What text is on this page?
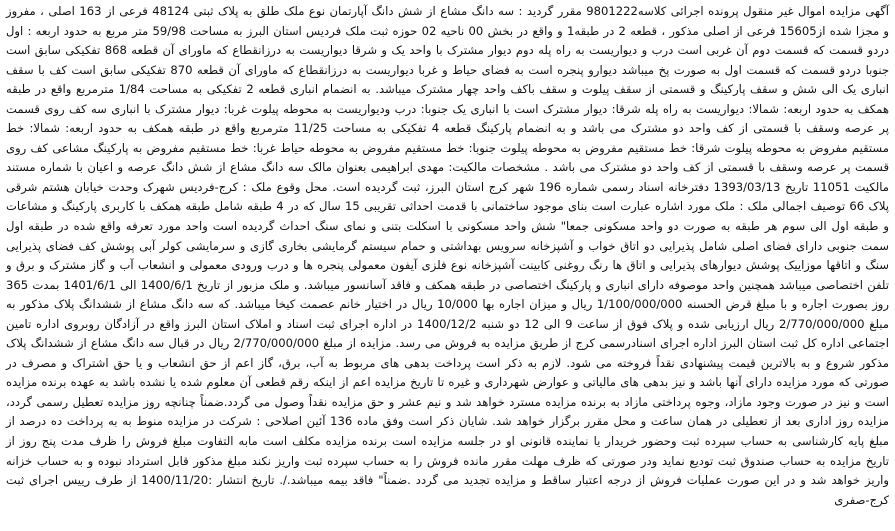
آگهی مزایده اموال غیر منقول پرونده اجرائی کلاسه9801222 مقرر گردید : سه دانگ مشاع از شش دانگ آپارتمان نوع ملک طلق به پلاک ثبتی 48124 فرعی از 163 اصلی ، مفروز و مجزا شده از15605 فرعی از اصلی مذکور ، قطعه 2 در طبقه1 و واقع در بخش 00 ناحیه 02 حوزه ثبت ملک فردیس استان البرز به مساحت 59/98 متر مربع به حدود اربعه : اول دردو قسمت که قسمت دوم آن غربی است درب و دیواریست به راه پله دوم دیوار مشترک با واحد یک و شرقا دیواریست به درزانقطاع که ماورای آن قطعه 868 تفکیکی سابق است جنوبا دردو قسمت که قسمت اول به صورت پخ میباشد دیوارو پنجره است به فضای حیاط و غربا دیواریست به درزانقطاع که ماورای آن قطعه 870 تفکیکی سابق است کف با سقف انباری یک الی شش و سقف پارکینگ و قسمتی از سقف پیلوت و سقف باکف واحد چهار مشترک میباشد. به انضمام انباری قطعه 2 تفکیکی به مساحت 1/84 مترمربع واقع در طبقه همکف به حدود اربعه: شمالا: دیواریست به راه پله شرقا: دیوار مشترک است با انباری یک جنوبا: درب ودیواریست به محوطه پیلوت غربا: دیوار مشترک با انباری سه کف روی قسمت پر عرصه وسقف با قسمتی از کف واحد دو مشترک می باشد و به انضمام پارکینگ قطعه 4 تفکیکی به مساحت 11/25 مترمربع واقع در طبقه همکف به حدود اربعه: شمالا: خط مستقیم مفروض به محوطه پیلوت شرقا: خط مستقیم مفروض به محوطه پیلوت جنوبا: خط مستقیم مفروض به محوطه حیاط غربا: خط مستقیم مفروض به پارکینگ مشاعی کف روی قسمت پر عرصه وسقف با قسمتی از کف واحد دو مشترک می باشد . مشخصات مالکیت: مهدی ابراهیمی بعنوان مالک سه دانگ مشاع از شش دانگ عرصه و اعیان با شماره مستند مالکیت 11051 تاریخ 1393/03/13 دفترخانه اسناد رسمی شماره 196 شهر کرج استان البرز، ثبت گردیده است. محل وقوع ملک : کرج-فردیس شهرک وحدت خیابان هشتم شرقی پلاک 66 توصیف اجمالی ملک : ملک مورد اشاره عبارت است بنای موجود ساختمانی با قدمت احداثی تقریبی 15 سال که در 4 طبقه شامل طبقه همکف با کاربری پارکینگ و مشاعات و طبقه اول الی سوم هر طبقه به صورت دو واحد مسکونی جمعا" شش واحد مسکونی با اسکلت بتنی و نمای سنگ احداث گردیده است واحد مورد تعرفه واقع شده در طبقه اول سمت جنوبی دارای فضای اصلی شامل پذیرایی دو اتاق خواب و آشپزخانه سرویس بهداشتی و حمام سیستم گرمایشی بخاری گازی و سرمایشی کولر آبی پوشش کف فضای پذیرایی سنگ و اتاقها موزاییک پوشش دیوارهای پذیرایی و اتاق ها رنگ روغنی کابینت آشپزخانه نوع فلزی آیفون معمولی پنجره ها و درب ورودی معمولی و انشعاب آب و گاز مشترک و برق و تلفن اختصاصی میباشد همچنین واحد موصوفه دارای انباری و پارکینگ اختصاصی در طبقه همکف و فاقد آسانسور میباشد. و ملک مزبور از تاریخ 1400/6/1 الی 1401/6/1 بمدت 365 روز بصورت اجاره و با مبلغ قرض الحسنه 1/100/000/000 ریال و میزان اجاره بها 10/000 ریال در اختیار خانم عصمت کیخا میباشد. که سه دانگ مشاع از ششدانگ پلاک مذکور به مبلغ 2/770/000/000 ریال ارزیابی شده و پلاک فوق از ساعت 9 الی 12 دو شنبه 1400/12/2 در اداره اجرای ثبت اسناد و املاک استان البرز واقع در آزادگان روبروی اداره تامین اجتماعی اداره کل ثبت استان البرز اداره اجرای اسنادرسمی کرج از طریق مزایده به فروش می رسد. مزایده از مبلغ 2/770/000/000 ریال در قبال سه دانگ مشاع از ششدانگ پلاک مذکور شروع و به بالاترین قیمت پیشنهادی نقداً فروخته می شود. لازم به ذکر است پرداخت بدهی های مربوط به آب، برق، گاز اعم از حق انشعاب و یا حق اشتراک و مصرف در صورتی که مورد مزایده دارای آنها باشد و نیز بدهی های مالیاتی و عوارض شهرداری و غیره تا تاریخ مزایده اعم از اینکه رقم قطعی آن معلوم شده یا نشده باشد به عهده برنده مزایده است و نیز در صورت وجود مازاد، وجوه پرداختی مازاد به برنده مزایده مسترد خواهد شد و نیم عشر و حق مزایده نقداً وصول می گردد.ضمناً چنانچه روز مزایده تعطیل رسمی گردد، مزایده روز اداری بعد از تعطیلی در همان ساعت و محل مقرر برگزار خواهد شد. شایان ذکر است وفق ماده 136 آئین اصلاحی : شرکت در مزایده منوط به به پرداخت ده درصد از مبلغ پایه کارشناسی به حساب سپرده ثبت وحضور خریدار یا نماینده قانونی او در جلسه مزایده است برنده مزایده مکلف است مابه التفاوت مبلغ فروش را ظرف مدت پنج روز از تاریخ مزایده به حساب صندوق ثبت تودیع نماید ودر صورتی که ظرف مهلت مقرر مانده فروش را به حساب سپرده ثبت واریز نکند مبلغ مذکور قابل استرداد نبوده و به حساب خزانه واریز خواهد شد و در این صورت عملیات فروش از درجه اعتبار ساقط و مزایده تجدید می گردد .ضمناً" فاقد بیمه میباشد./. تاریخ انتشار :1400/11/20 از طرف رییس اجرای ثبت کرج-صفری
